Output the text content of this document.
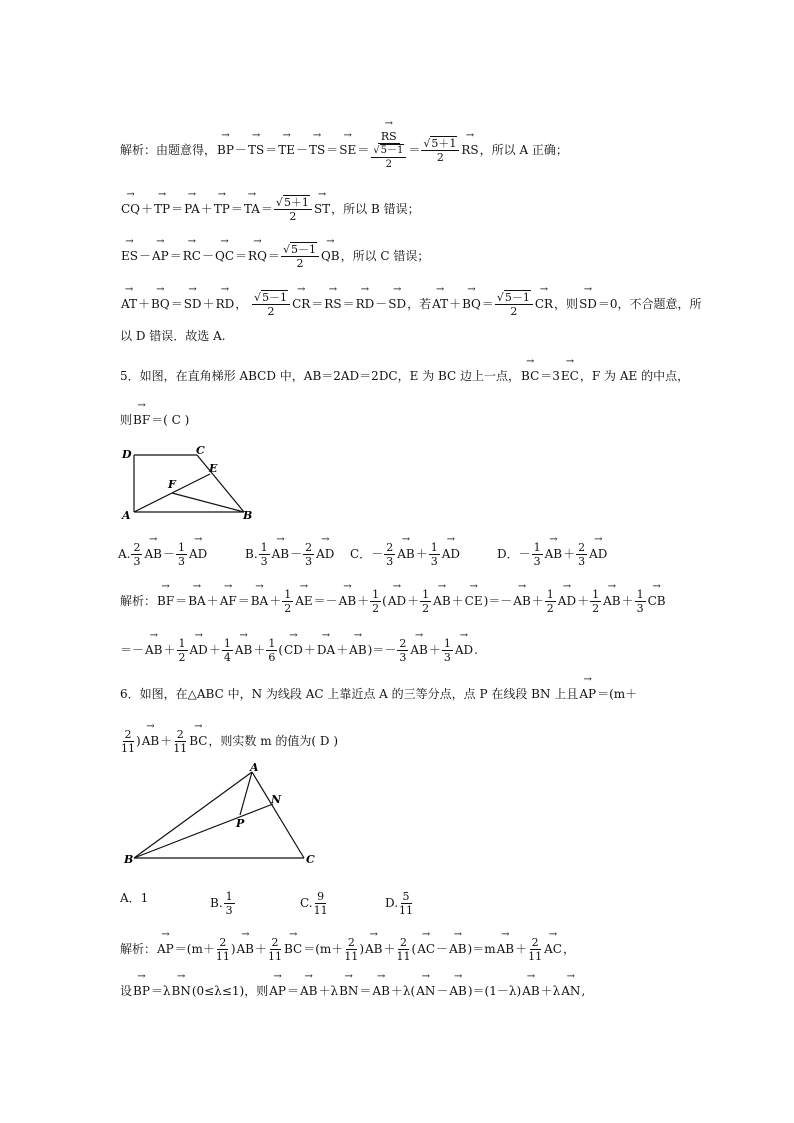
解析：由题意得，→ BP－→ TS＝→ TE－→ TS＝→ SE＝
→ $\frac{RS}{\frac{√5-1}{2}} = \frac{√5+1}{2}$
→ RS，所以 A 正确；
→ $CQ+\to TP=\to PA+\to TP=\to TA= \frac{√5+1}{2}$
→ ST，所以 B 错误；
→ $ES-\to AP=\to RC-\to QC=\to RQ= \frac{√5-1}{2}$
→ QB，所以 C 错误；
→ AT＋→ BQ＝→ SD＋→ RD， $\frac{√5-1}{2}$
→ CR＝→ RS＝→ RD－→ SD，若→ $AT+\to BQ= \frac{√5-1}{2}$
→ CR，则→ SD＝0，不合题意，所
以 D 错误．故选 A.
5．如图，在直角梯形 ABCD 中，AB＝2AD＝2DC，E 为 BC 边上一点，→ BC＝3→ EC，F 为 AE 的中点，
则→ BF＝( C )
D	C
E
F
A	B
A. $\frac{2}{3}$
→ $AB- \frac{1}{3}$
→ AD	B. $\frac{1}{3}$
→ $AB- \frac{2}{3}$
→ AD C．－ $\frac{2}{3}$
→ $AB+ \frac{1}{3}$
→ AD	D．－ $\frac{1}{3}$
→ $AB+ \frac{2}{3}$
→ AD
解析：→ $BF=\to BA+\to AF=\to BA+ \frac{1}{2}$
→ $AE=-\to AB+ \frac{1}{2}$ (→ $AD+ \frac{1}{2}$
→ $AB+\to CE)=-\to AB+ \frac{1}{2}$
→ $AD+ \frac{1}{2}$
→ $AB+ \frac{1}{3}$
→ CB
＝－→ $AB+ \frac{1}{2}$
→ $AD+ \frac{1}{4}$
→ $AB+ \frac{1}{6}$ (→ $CD+\to DA+\to AB)=- \frac{2}{3}$
→ $AB+ \frac{1}{3}$
→ AD.
6．如图，在△ABC 中，N 为线段 AC 上靠近点 A 的三等分点，点 P 在线段 BN 上且→ AP＝(m＋
$\frac{2}{11}$ )→ $AB+ \frac{2}{11}$
→ BC，则实数 m 的值为( D )
A
N
P
B	C
A．1	B. $\frac{1}{3}$	C. $\frac{9}{11}$	D. $\frac{5}{11}$
解析：→ $AP=(m+ \frac{2}{11}$ )→ $AB+ \frac{2}{11}$
→ $BC=(m+ \frac{2}{11}$ )→ $AB+ \frac{2}{11}$ (→ $AC-\to AB)=m\to AB+ \frac{2}{11}$
→ AC，
设→ BP＝λ→ BN(0≤λ≤1)，则→ AP＝→ AB＋λ→ BN＝→ AB＋λ(→ AN－→ AB)＝(1－λ)→ AB＋λ→ AN,
